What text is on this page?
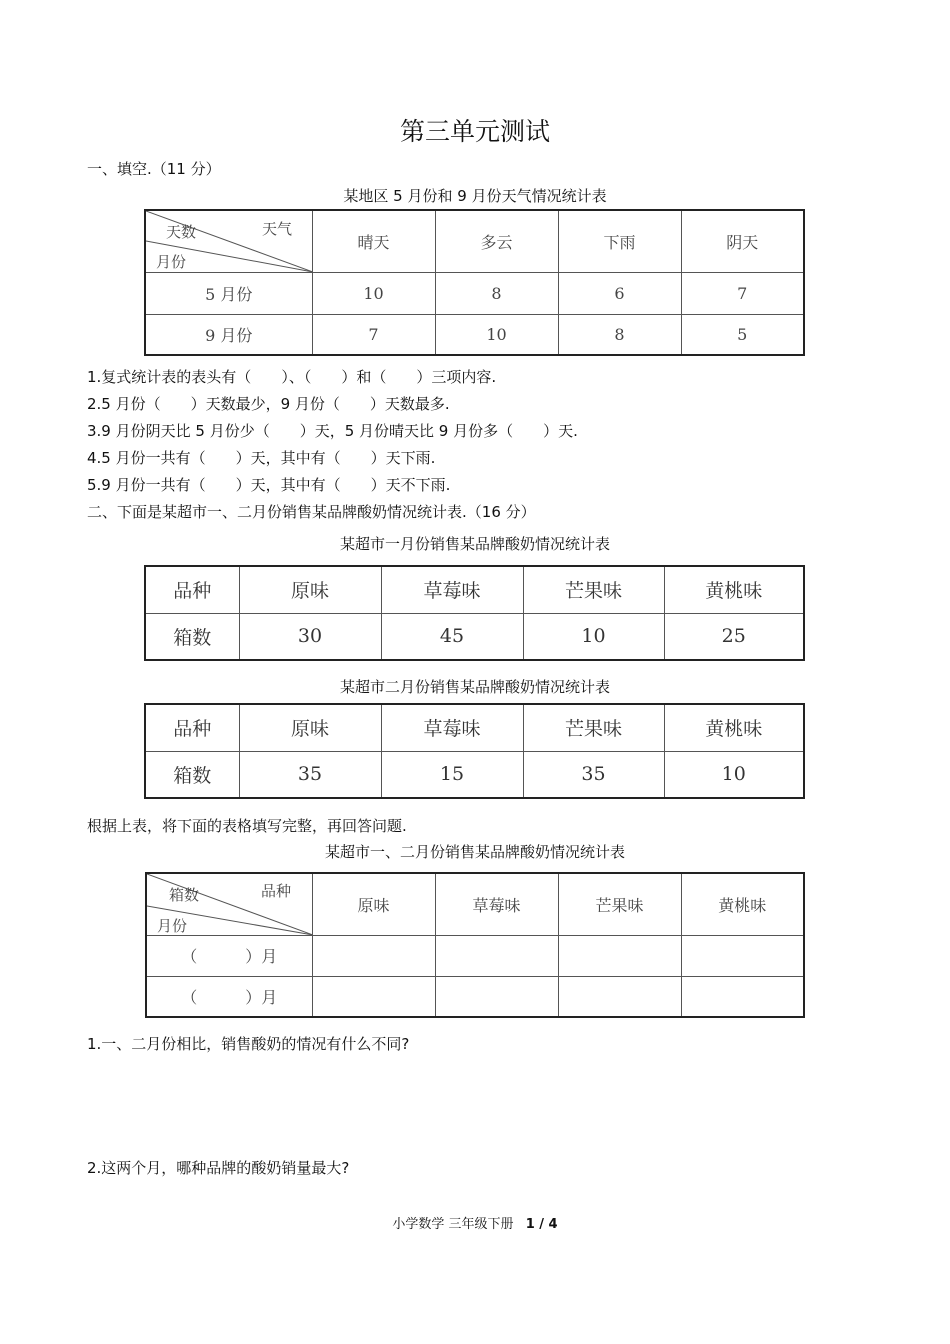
第三单元测试
一、填空.（11 分）
某地区 5 月份和 9 月份天气情况统计表
天气
天数
月份	晴天	多云	下雨	阴天
5 月份	10	8	6	7
9 月份	7	10	8	5
1.复式统计表的表头有（　　）、（　　）和（　　）三项内容.
2.5 月份（　　）天数最少，9 月份（　　）天数最多.
3.9 月份阴天比 5 月份少（　　）天，5 月份晴天比 9 月份多（　　）天.
4.5 月份一共有（　　）天，其中有（　　）天下雨.
5.9 月份一共有（　　）天，其中有（　　）天不下雨.
二、下面是某超市一、二月份销售某品牌酸奶情况统计表.（16 分）
某超市一月份销售某品牌酸奶情况统计表
品种	原味	草莓味	芒果味	黄桃味
箱数	30	45	10	25
某超市二月份销售某品牌酸奶情况统计表
品种	原味	草莓味	芒果味	黄桃味
箱数	35	15	35	10
根据上表，将下面的表格填写完整，再回答问题.
某超市一、二月份销售某品牌酸奶情况统计表
品种
箱数
月份	原味	草莓味	芒果味	黄桃味
（　　　）月				
（　　　）月				
1.一、二月份相比，销售酸奶的情况有什么不同?
2.这两个月，哪种品牌的酸奶销量最大?
小学数学 三年级下册 1 / 4
